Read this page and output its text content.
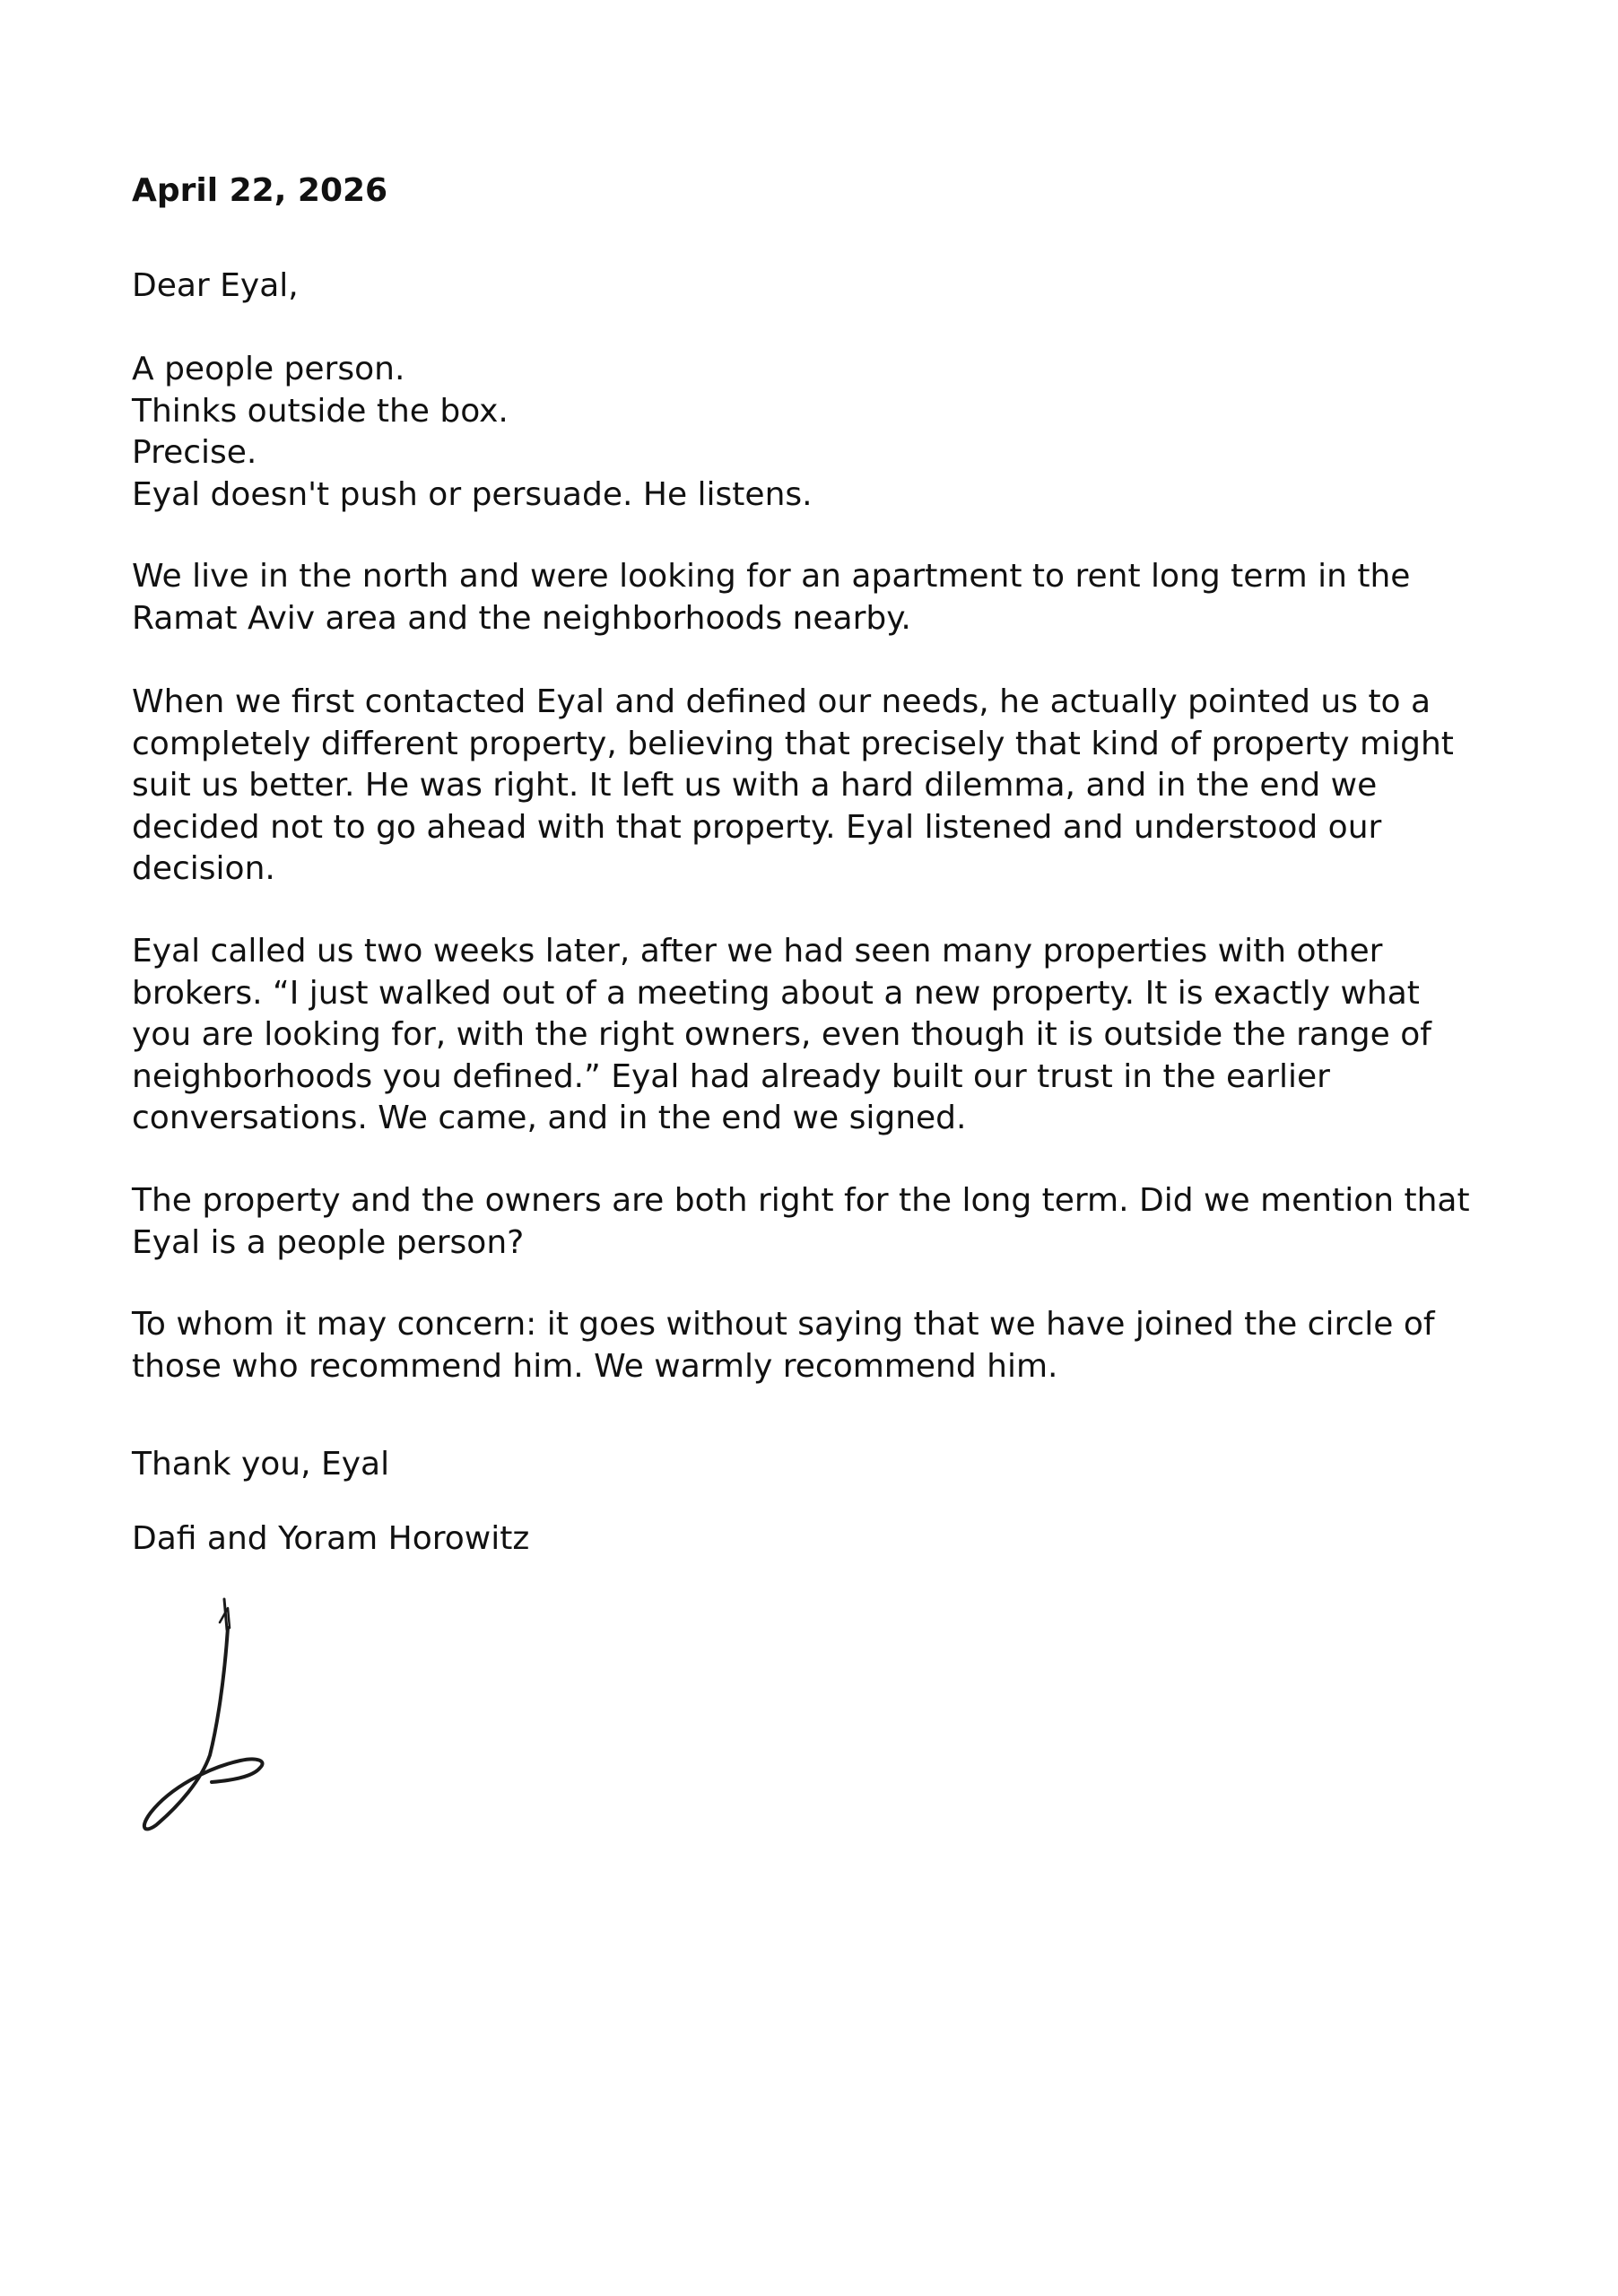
April 22, 2026
Dear Eyal,

A people person.
Thinks outside the box.
Precise.
Eyal doesn't push or persuade. He listens.

We live in the north and were looking for an apartment to rent long term in the
Ramat Aviv area and the neighborhoods nearby.

When we first contacted Eyal and defined our needs, he actually pointed us to a
completely different property, believing that precisely that kind of property might
suit us better. He was right. It left us with a hard dilemma, and in the end we
decided not to go ahead with that property. Eyal listened and understood our
decision.

Eyal called us two weeks later, after we had seen many properties with other
brokers. “I just walked out of a meeting about a new property. It is exactly what
you are looking for, with the right owners, even though it is outside the range of
neighborhoods you defined.” Eyal had already built our trust in the earlier
conversations. We came, and in the end we signed.

The property and the owners are both right for the long term. Did we mention that
Eyal is a people person?

To whom it may concern: it goes without saying that we have joined the circle of
those who recommend him. We warmly recommend him.

Thank you, Eyal
Dafi and Yoram Horowitz
